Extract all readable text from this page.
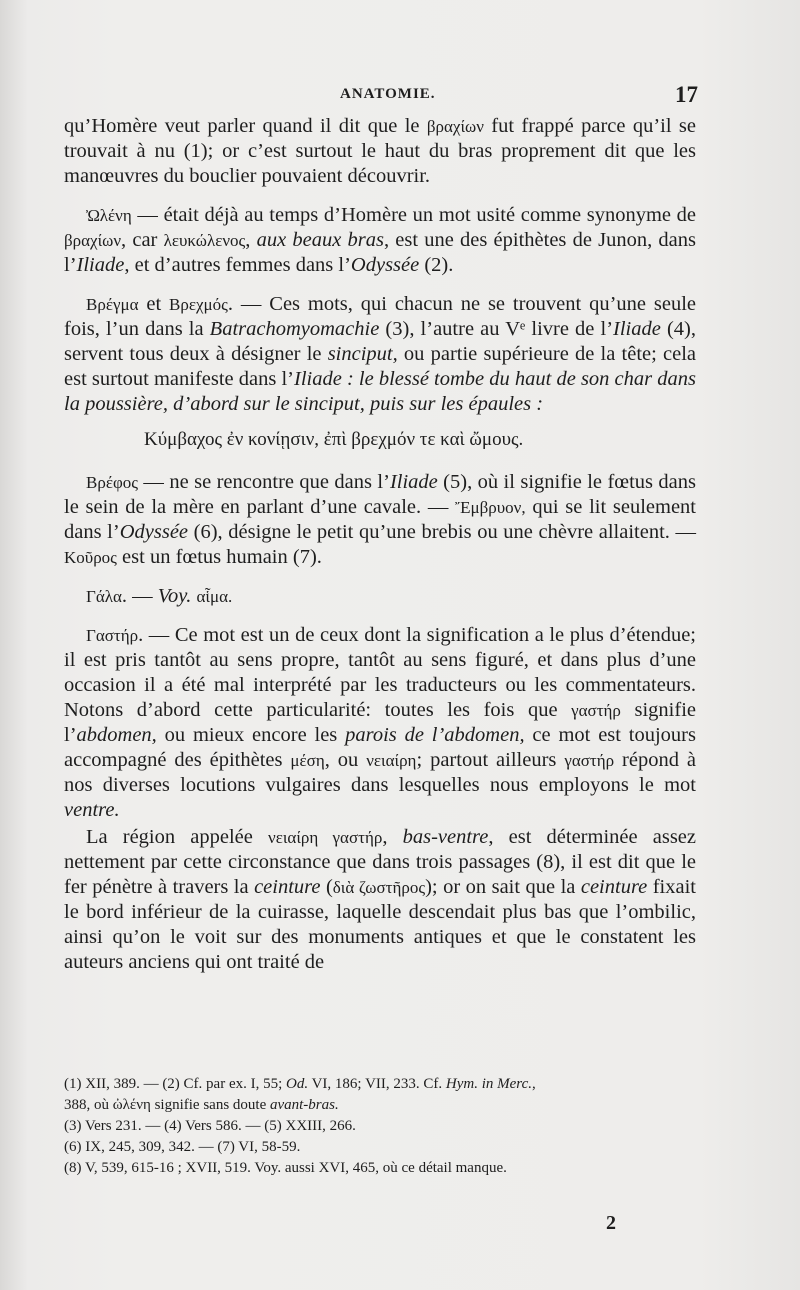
ANATOMIE.	17

qu’Homère veut parler quand il dit que le βραχίων fut frappé parce qu’il se trouvait à nu (1); or c’est surtout le haut du bras proprement dit que les manœuvres du bouclier pouvaient découvrir.

Ὠλένη — était déjà au temps d’Homère un mot usité comme synonyme de βραχίων, car λευκώλενος, aux beaux bras, est une des épithètes de Junon, dans l’Iliade, et d’autres femmes dans l’Odyssée (2).

Βρέγμα et Βρεχμός. — Ces mots, qui chacun ne se trouvent qu’une seule fois, l’un dans la Batrachomyomachie (3), l’autre au Vᵉ livre de l’Iliade (4), servent tous deux à désigner le sinciput, ou partie supérieure de la tête; cela est surtout manifeste dans l’Iliade : le blessé tombe du haut de son char dans la poussière, d’abord sur le sinciput, puis sur les épaules :

Κύμβαχος ἐν κονίῃσιν, ἐπὶ βρεχμόν τε καὶ ὤμους.

Βρέφος — ne se rencontre que dans l’Iliade (5), où il signifie le fœtus dans le sein de la mère en parlant d’une cavale. — Ἔμβρυον, qui se lit seulement dans l’Odyssée (6), désigne le petit qu’une brebis ou une chèvre allaitent. — Κοῦρος est un fœtus humain (7).

Γάλα. — Voy. αἷμα.

Γαστήρ. — Ce mot est un de ceux dont la signification a le plus d’étendue; il est pris tantôt au sens propre, tantôt au sens figuré, et dans plus d’une occasion il a été mal interprété par les traducteurs ou les commentateurs. Notons d’abord cette particularité: toutes les fois que γαστήρ signifie l’abdomen, ou mieux encore les parois de l’abdomen, ce mot est toujours accompagné des épithètes μέση, ou νειαίρη; partout ailleurs γαστήρ répond à nos diverses locutions vulgaires dans lesquelles nous employons le mot ventre.

La région appelée νειαίρη γαστήρ, bas-ventre, est déterminée assez nettement par cette circonstance que dans trois passages (8), il est dit que le fer pénètre à travers la ceinture (διὰ ζωστῆρος); or on sait que la ceinture fixait le bord inférieur de la cuirasse, laquelle descendait plus bas que l’ombilic, ainsi qu’on le voit sur des monuments antiques et que le constatent les auteurs anciens qui ont traité de

(1) XII, 389. — (2) Cf. par ex. I, 55; Od. VI, 186; VII, 233. Cf. Hym. in Merc.,

388, où ὠλένη signifie sans doute avant-bras.

(3) Vers 231. — (4) Vers 586. — (5) XXIII, 266.

(6) IX, 245, 309, 342. — (7) VI, 58-59.

(8) V, 539, 615-16 ; XVII, 519. Voy. aussi XVI, 465, où ce détail manque.

2
